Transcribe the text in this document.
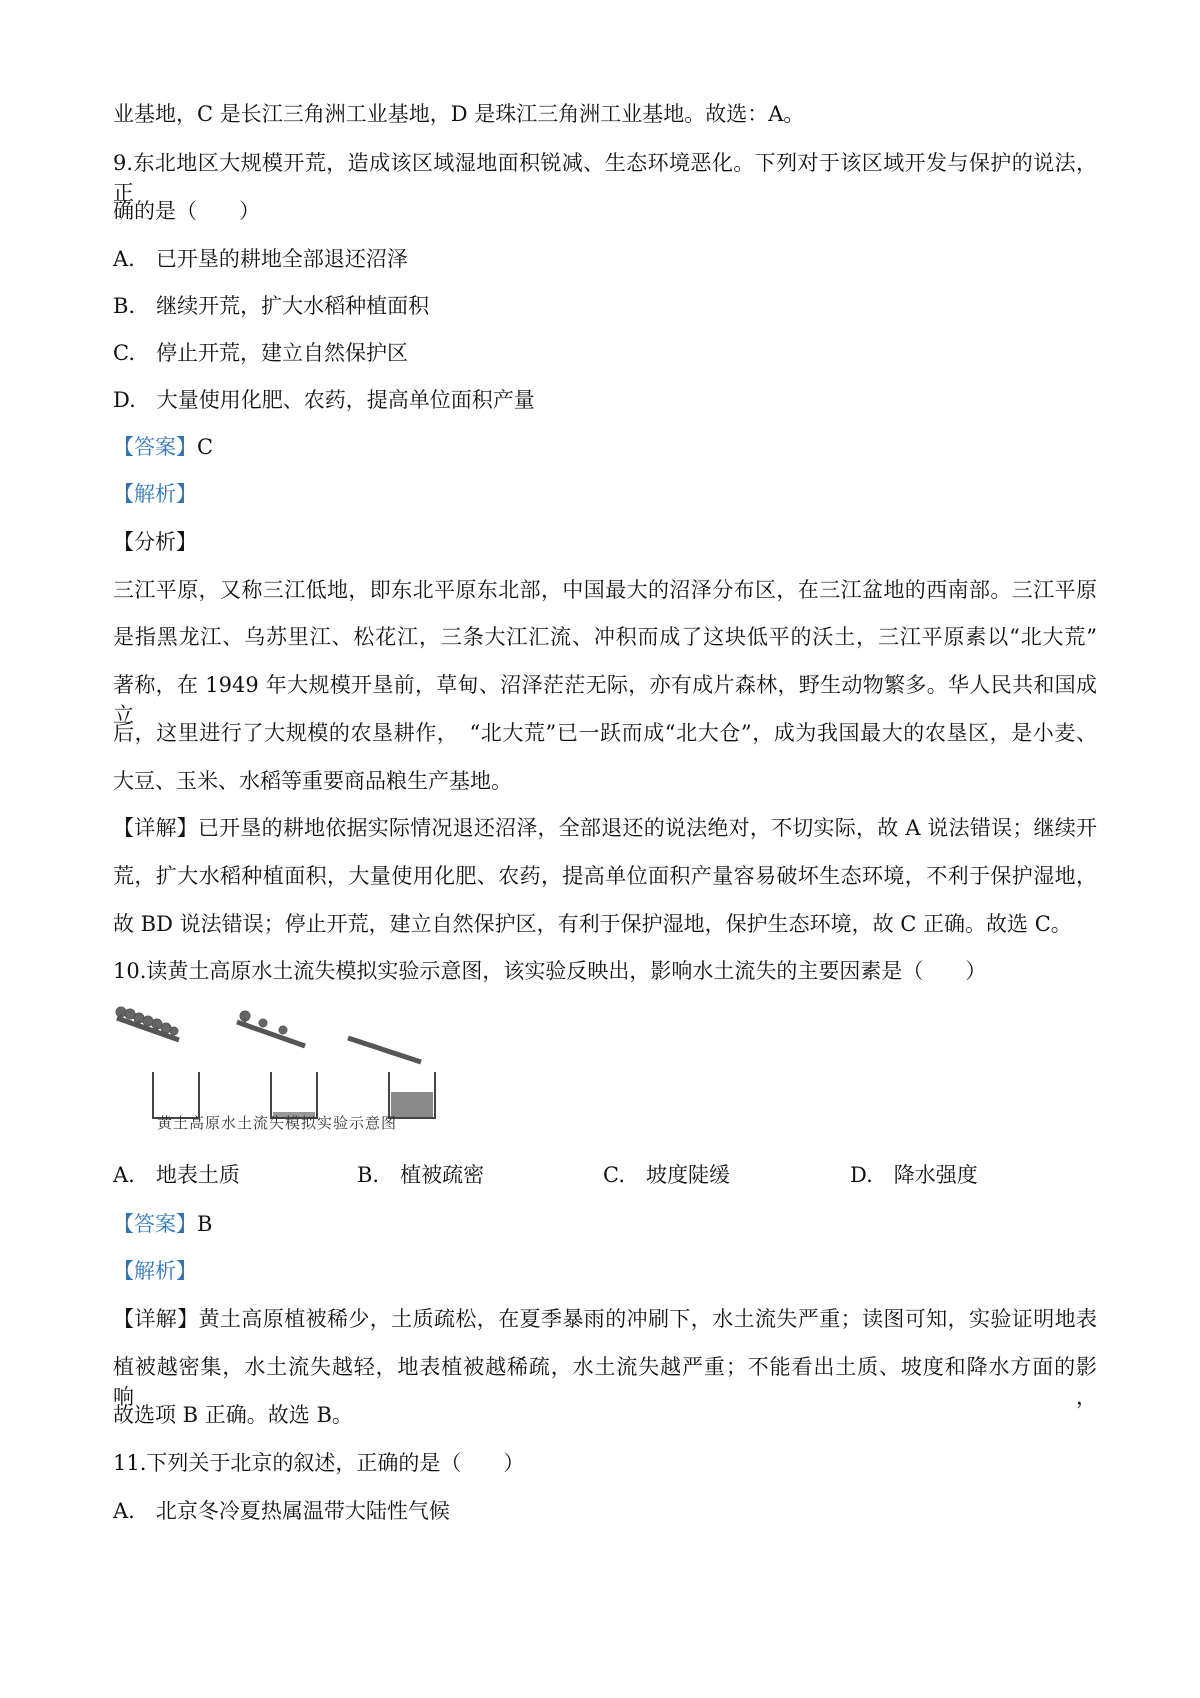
业基地，C 是长江三角洲工业基地，D 是珠江三角洲工业基地。故选：A。
9.东北地区大规模开荒，造成该区域湿地面积锐减、生态环境恶化。下列对于该区域开发与保护的说法，正
确的是（　　）
A.　已开垦的耕地全部退还沼泽
B.　继续开荒，扩大水稻种植面积
C.　停止开荒，建立自然保护区
D.　大量使用化肥、农药，提高单位面积产量
【答案】C
【解析】
【分析】
三江平原，又称三江低地，即东北平原东北部，中国最大的沼泽分布区，在三江盆地的西南部。三江平原
是指黑龙江、乌苏里江、松花江，三条大江汇流、冲积而成了这块低平的沃土，三江平原素以“北大荒”
著称，在 1949 年大规模开垦前，草甸、沼泽茫茫无际，亦有成片森林，野生动物繁多。华人民共和国成立
后，这里进行了大规模的农垦耕作，　“北大荒”已一跃而成“北大仓”，成为我国最大的农垦区，是小麦、
大豆、玉米、水稻等重要商品粮生产基地。
【详解】已开垦的耕地依据实际情况退还沼泽，全部退还的说法绝对，不切实际，故 A 说法错误；继续开
荒，扩大水稻种植面积，大量使用化肥、农药，提高单位面积产量容易破坏生态环境，不利于保护湿地，
故 BD 说法错误；停止开荒，建立自然保护区，有利于保护湿地，保护生态环境，故 C 正确。故选 C。
10.读黄土高原水土流失模拟实验示意图，该实验反映出，影响水土流失的主要因素是（　　）
黄土高原水土流失模拟实验示意图
A.　地表土质	B.　植被疏密	C.　坡度陡缓	D.　降水强度
【答案】B
【解析】
【详解】黄土高原植被稀少，土质疏松，在夏季暴雨的冲刷下，水土流失严重；读图可知，实验证明地表
植被越密集，水土流失越轻，地表植被越稀疏，水土流失越严重；不能看出土质、坡度和降水方面的影响，
故选项 B 正确。故选 B。
11.下列关于北京的叙述，正确的是（　　）
A.　北京冬冷夏热属温带大陆性气候
